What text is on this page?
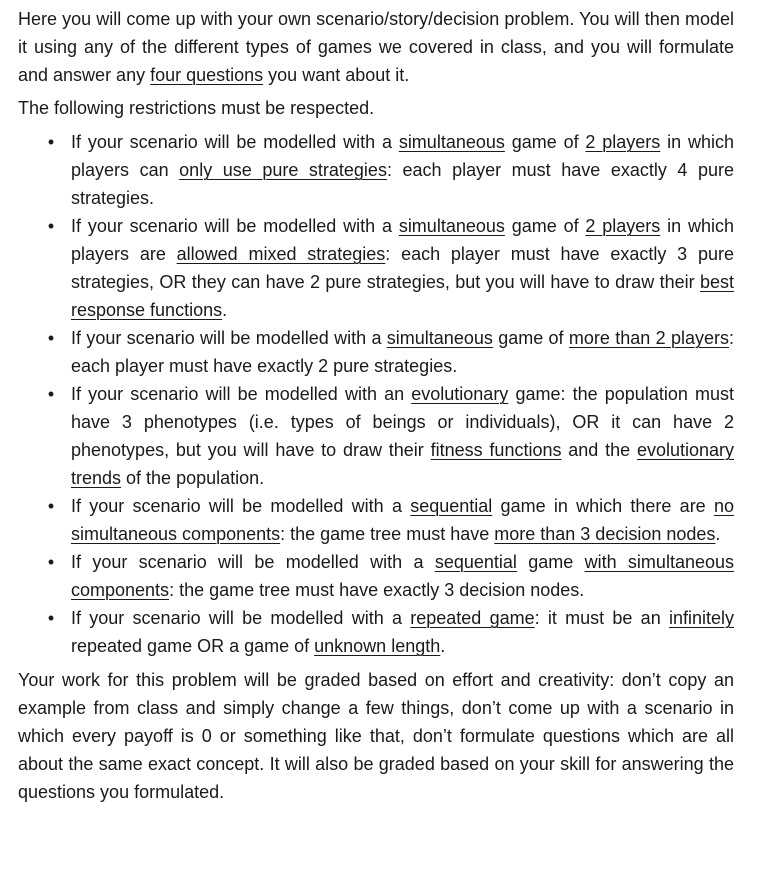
Here you will come up with your own scenario/story/decision problem. You will then model it using any of the different types of games we covered in class, and you will formulate and answer any four questions you want about it.

The following restrictions must be respected.

• If your scenario will be modelled with a simultaneous game of 2 players in which players can only use pure strategies: each player must have exactly 4 pure strategies.
• If your scenario will be modelled with a simultaneous game of 2 players in which players are allowed mixed strategies: each player must have exactly 3 pure strategies, OR they can have 2 pure strategies, but you will have to draw their best response functions.
• If your scenario will be modelled with a simultaneous game of more than 2 players: each player must have exactly 2 pure strategies.
• If your scenario will be modelled with an evolutionary game: the population must have 3 phenotypes (i.e. types of beings or individuals), OR it can have 2 phenotypes, but you will have to draw their fitness functions and the evolutionary trends of the population.
• If your scenario will be modelled with a sequential game in which there are no simultaneous components: the game tree must have more than 3 decision nodes.
• If your scenario will be modelled with a sequential game with simultaneous components: the game tree must have exactly 3 decision nodes.
• If your scenario will be modelled with a repeated game: it must be an infinitely repeated game OR a game of unknown length.

Your work for this problem will be graded based on effort and creativity: don’t copy an example from class and simply change a few things, don’t come up with a scenario in which every payoff is 0 or something like that, don’t formulate questions which are all about the same exact concept. It will also be graded based on your skill for answering the questions you formulated.
